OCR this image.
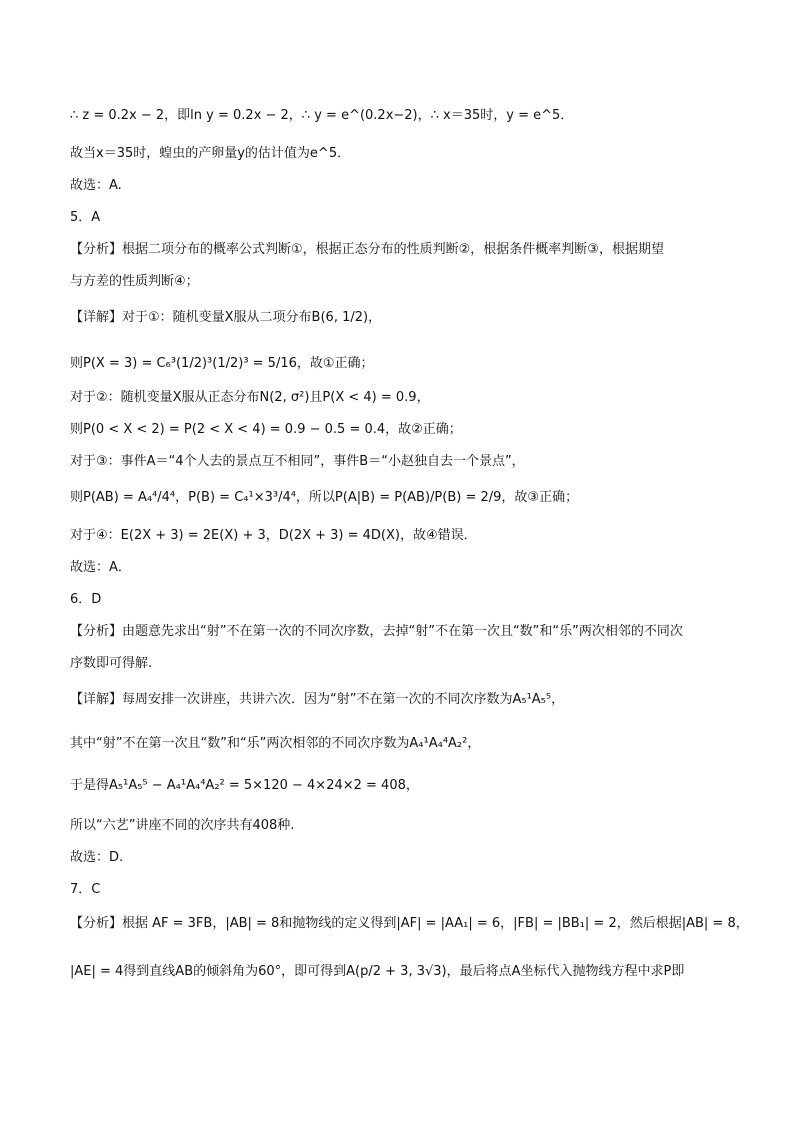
∴ z = 0.2x − 2，即ln y = 0.2x − 2，∴ y = e^(0.2x−2)，∴ x＝35时，y = e^5．
故当x＝35时，蝗虫的产卵量y的估计值为e^5．
故选：A.
5．A
【分析】根据二项分布的概率公式判断①，根据正态分布的性质判断②，根据条件概率判断③，根据期望
与方差的性质判断④；
【详解】对于①：随机变量X服从二项分布B(6, 1/2)，
则P(X = 3) = C₆³(1/2)³(1/2)³ = 5/16，故①正确；
对于②：随机变量X服从正态分布N(2, σ²)且P(X < 4) = 0.9，
则P(0 < X < 2) = P(2 < X < 4) = 0.9 − 0.5 = 0.4，故②正确；
对于③：事件A＝“4个人去的景点互不相同”，事件B＝“小赵独自去一个景点”，
则P(AB) = A₄⁴/4⁴，P(B) = C₄¹×3³/4⁴，所以P(A|B) = P(AB)/P(B) = 2/9，故③正确；
对于④：E(2X + 3) = 2E(X) + 3，D(2X + 3) = 4D(X)，故④错误．
故选：A．
6．D
【分析】由题意先求出“射”不在第一次的不同次序数，去掉“射”不在第一次且“数”和“乐”两次相邻的不同次
序数即可得解.
【详解】每周安排一次讲座，共讲六次．因为“射”不在第一次的不同次序数为A₅¹A₅⁵，
其中“射”不在第一次且“数”和“乐”两次相邻的不同次序数为A₄¹A₄⁴A₂²，
于是得A₅¹A₅⁵ − A₄¹A₄⁴A₂² = 5×120 − 4×24×2 = 408，
所以“六艺”讲座不同的次序共有408种.
故选：D.
7．C
【分析】根据 AF = 3FB，|AB| = 8和抛物线的定义得到|AF| = |AA₁| = 6，|FB| = |BB₁| = 2，然后根据|AB| = 8，
|AE| = 4得到直线AB的倾斜角为60°，即可得到A(p/2 + 3, 3√3)，最后将点A坐标代入抛物线方程中求P即
